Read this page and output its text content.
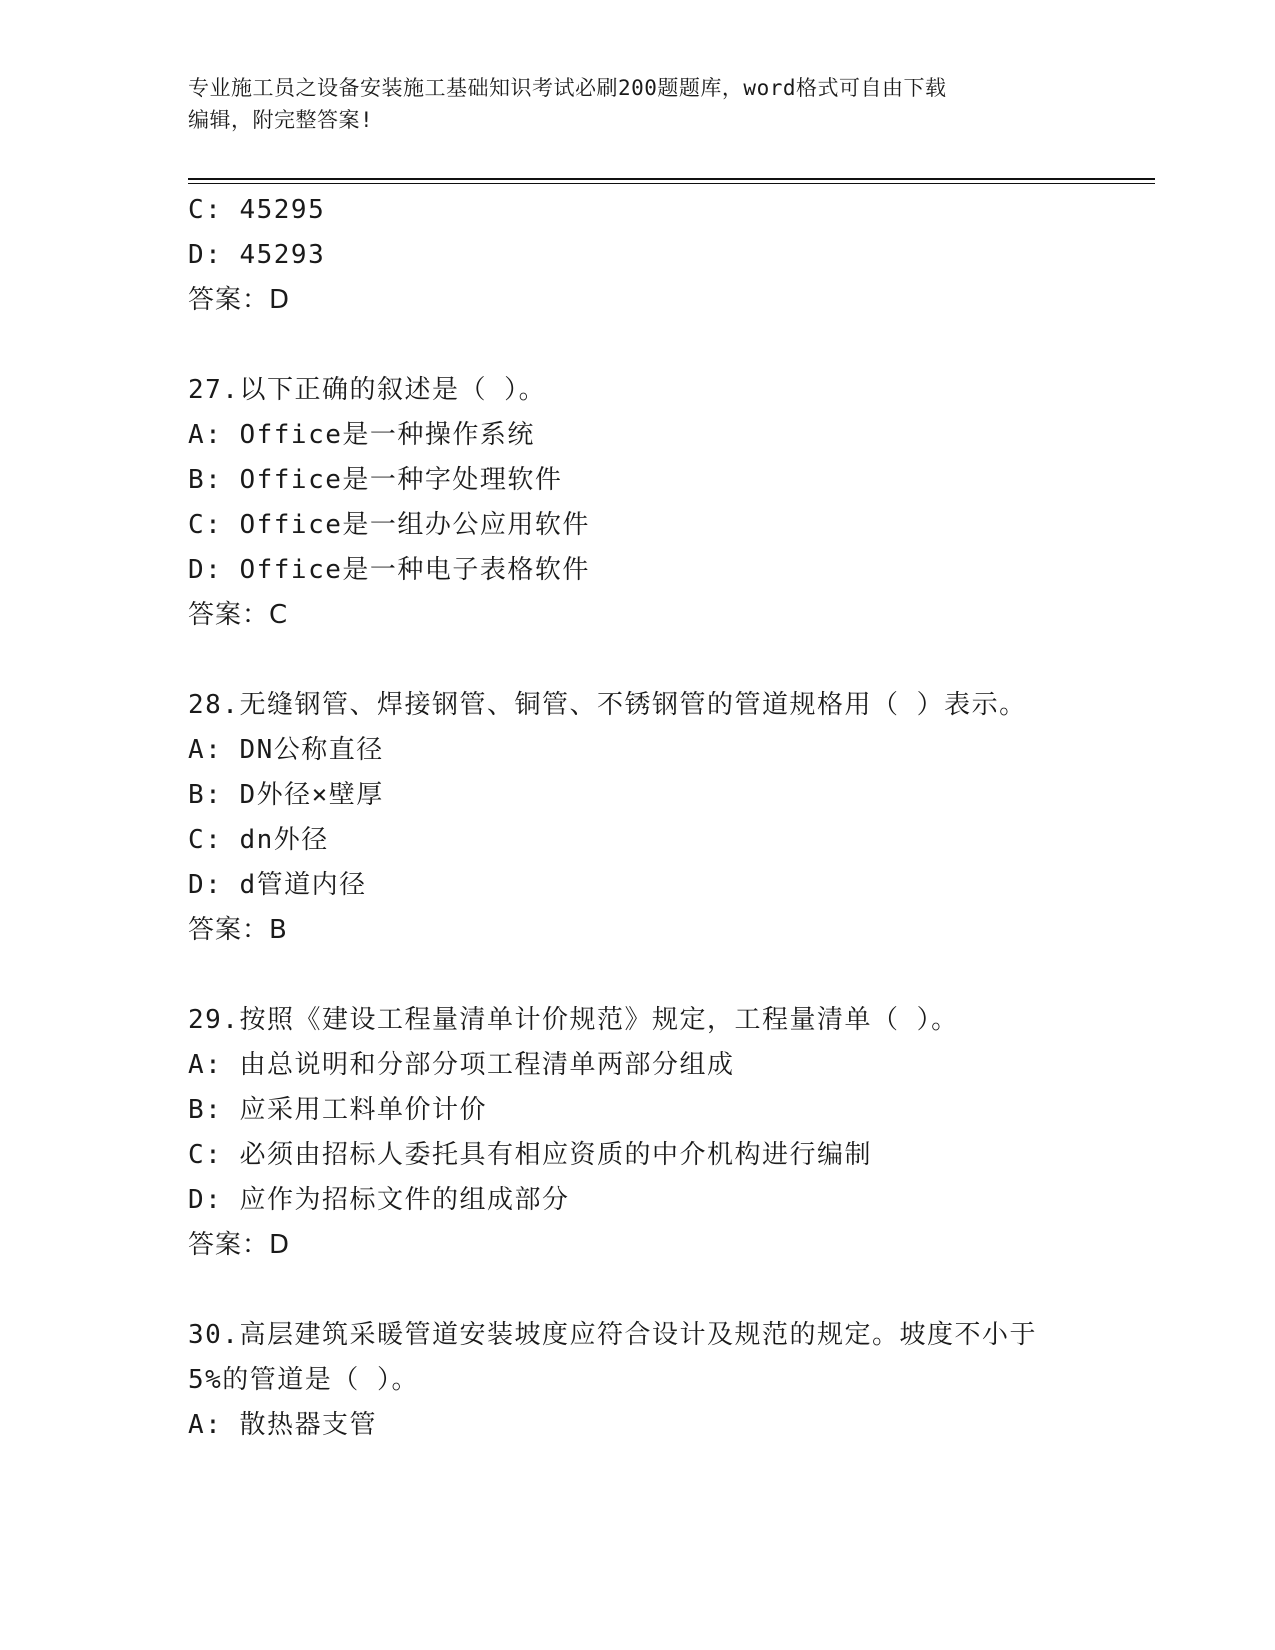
专业施工员之设备安装施工基础知识考试必刷200题题库，word格式可自由下载
编辑，附完整答案!
C: 45295
D: 45293
答案：D
27.以下正确的叙述是（ ）。
A: Office是一种操作系统
B: Office是一种字处理软件
C: Office是一组办公应用软件
D: Office是一种电子表格软件
答案：C
28.无缝钢管、焊接钢管、铜管、不锈钢管的管道规格用（ ）表示。
A: DN公称直径
B: D外径×壁厚
C: dn外径
D: d管道内径
答案：B
29.按照《建设工程量清单计价规范》规定，工程量清单（ ）。
A: 由总说明和分部分项工程清单两部分组成
B: 应采用工料单价计价
C: 必须由招标人委托具有相应资质的中介机构进行编制
D: 应作为招标文件的组成部分
答案：D
30.高层建筑采暖管道安装坡度应符合设计及规范的规定。坡度不小于
5%的管道是（ ）。
A: 散热器支管
